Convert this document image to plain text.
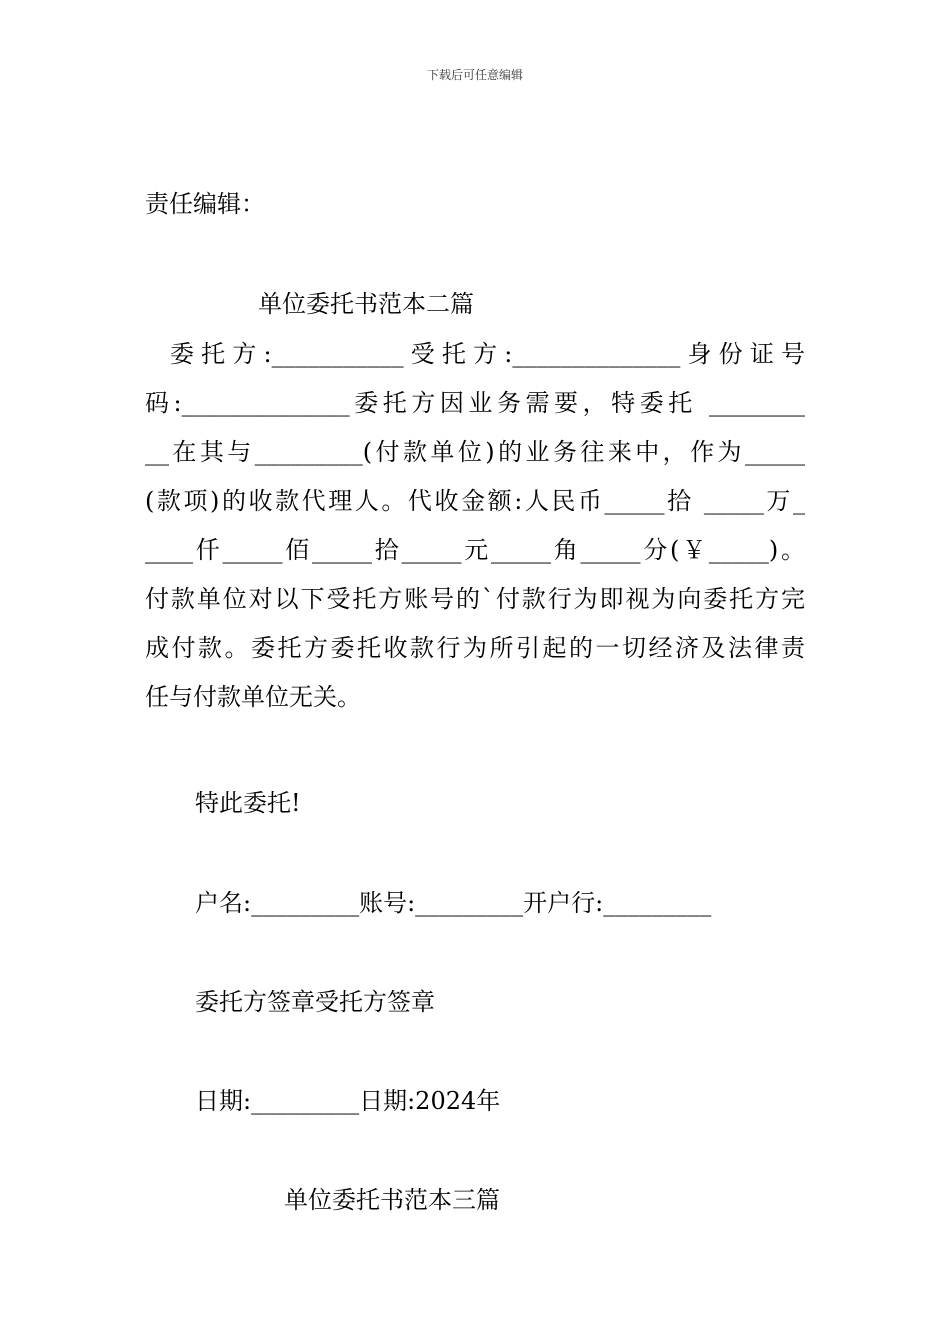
下载后可任意编辑
责任编辑：
单位委托书范本二篇
委托方:___________受托方:______________身份证号
码:______________委托方因业务需要，特委托 ________
__在其与_________(付款单位)的业务往来中，作为_____
(款项)的收款代理人。代收金额:人民币_____拾 _____万_
____仟_____佰_____拾_____元_____角_____分(￥_____)。
付款单位对以下受托方账号的`付款行为即视为向委托方完
成付款。委托方委托收款行为所引起的一切经济及法律责
任与付款单位无关。
特此委托!
户名:_________账号:_________开户行:_________
委托方签章受托方签章
日期:_________日期:2024年
单位委托书范本三篇
